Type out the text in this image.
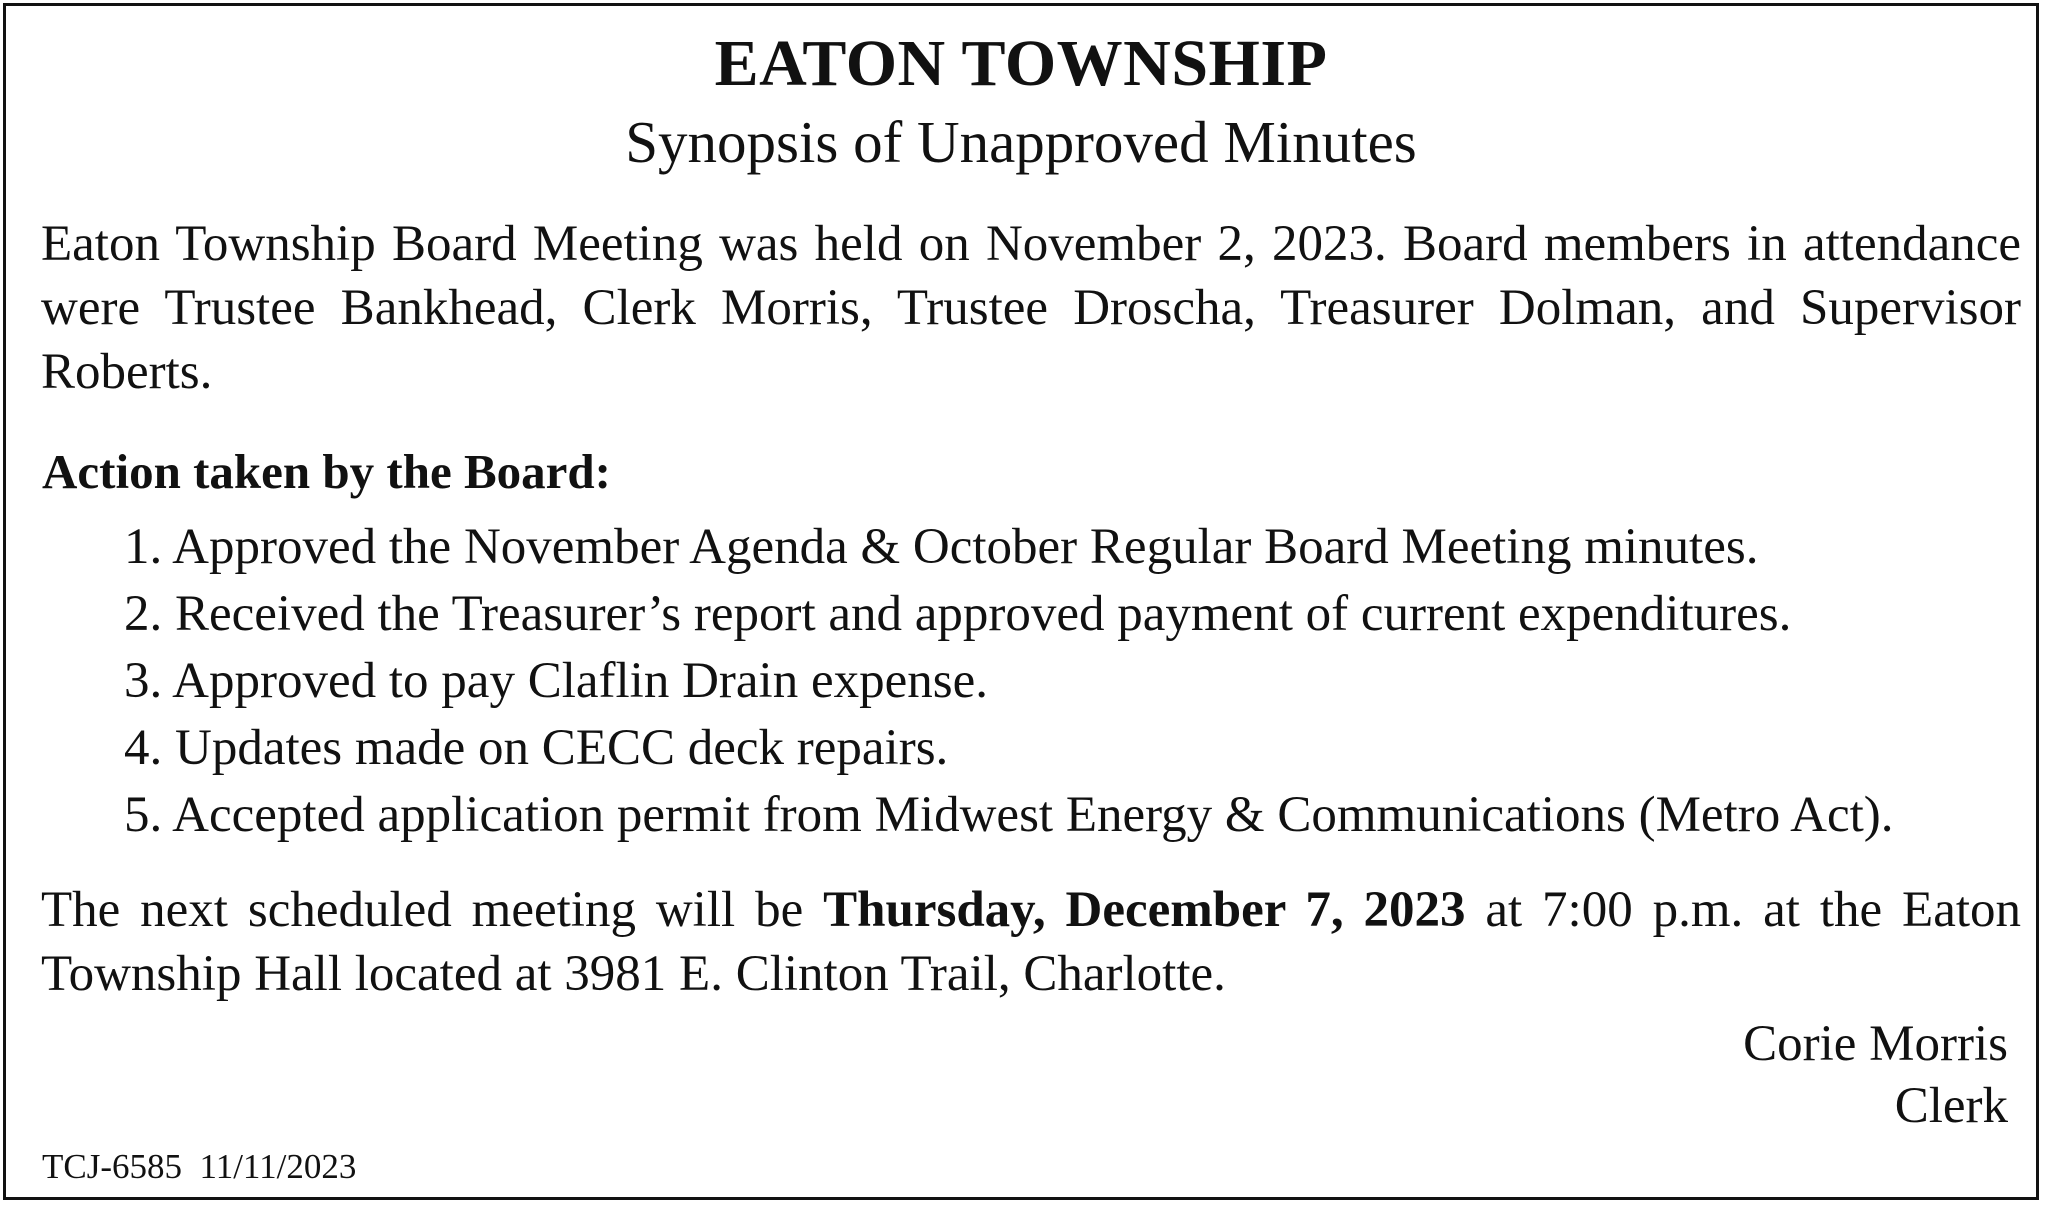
EATON TOWNSHIP
Synopsis of Unapproved Minutes

Eaton Township Board Meeting was held on November 2, 2023. Board members in attendance were Trustee Bankhead, Clerk Morris, Trustee Droscha, Treasurer Dolman, and Supervisor Roberts.

Action taken by the Board:
1. Approved the November Agenda & October Regular Board Meeting minutes.
2. Received the Treasurer’s report and approved payment of current expenditures.
3. Approved to pay Claflin Drain expense.
4. Updates made on CECC deck repairs.
5. Accepted application permit from Midwest Energy & Communications (Metro Act).

The next scheduled meeting will be Thursday, December 7, 2023 at 7:00 p.m. at the Eaton Township Hall located at 3981 E. Clinton Trail, Charlotte.

Corie Morris
Clerk
TCJ-6585 11/11/2023
